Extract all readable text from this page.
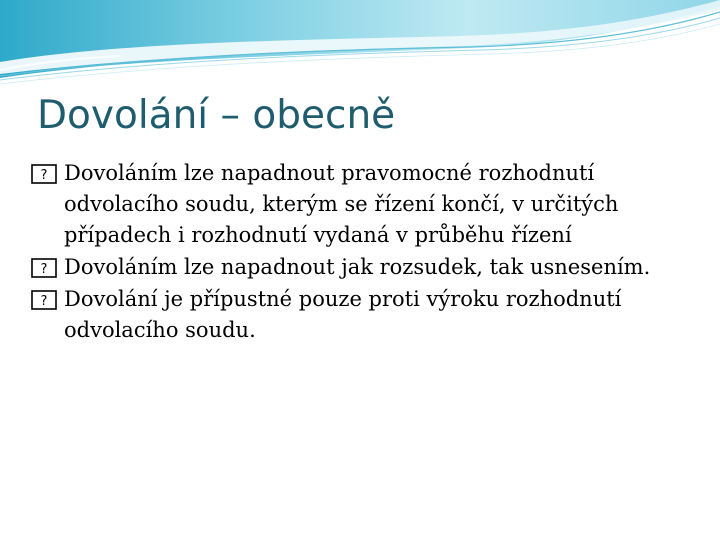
Dovolání – obecně
? Dovoláním lze napadnout pravomocné rozhodnutí odvolacího soudu, kterým se řízení končí, v určitých případech i rozhodnutí vydaná v průběhu řízení
? Dovoláním lze napadnout jak rozsudek, tak usnesením.
? Dovolání je přípustné pouze proti výroku rozhodnutí odvolacího soudu.
